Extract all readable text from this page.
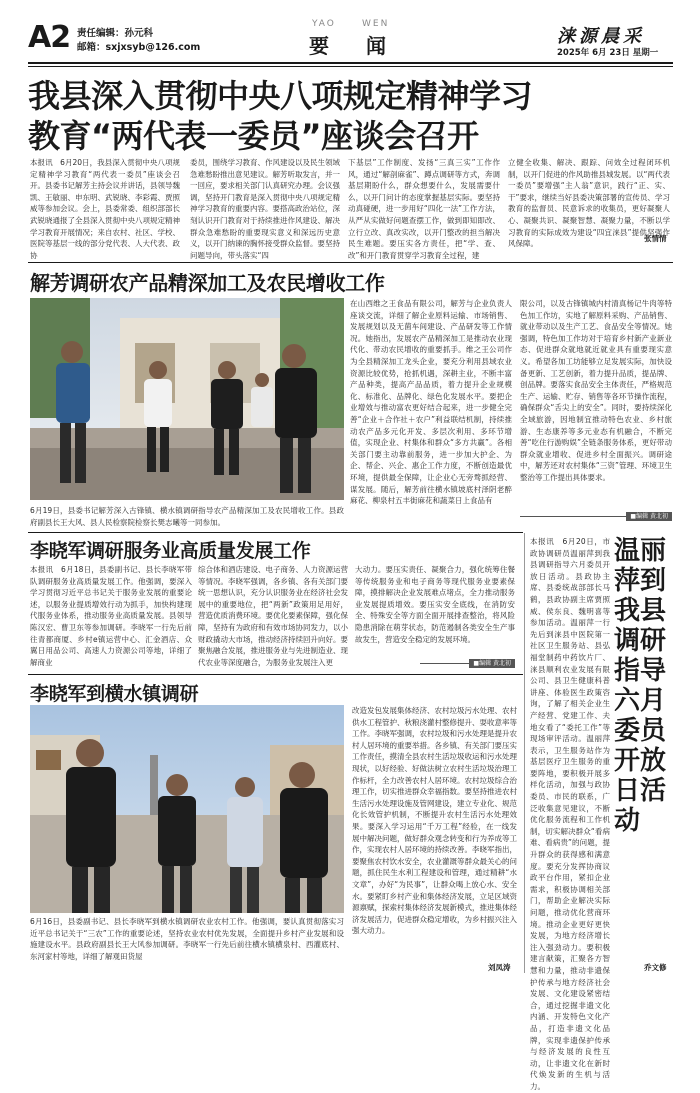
A2 责任编辑：孙元科
邮箱：sxjxsyb@126.com
YAO	WEN
要 闻	涞源晨采
2025年 6月 23日 星期一
我县深入贯彻中央八项规定精神学习
教育“两代表一委员”座谈会召开
本报讯　6月20日，我县深入贯彻中央八项规定精神学习教育“两代表一委员”座谈会召开。县委书记解芳主持会议并讲话，县领导魏凯、王敏丽、申东明、武锐晓、李彩霞、贾照威等参加会议。会上，县委常委、组织部部长武锐晓通报了全县深入贯彻中央八项规定精神学习教育开展情况；来自农村、社区、学校、医院等基层一线的部分党代表、人大代表、政协
委员，围绕学习教育、作风建设以及民生领域急难愁盼推出意见建议。解芳听取发言，并一一回应，要求相关部门认真研究办理。会议强调，坚持开门教育是深入贯彻中央八项规定精神学习教育的重要内容。要搭高政治站位，深刻认识开门教育对于持续推进作风建设、解决群众急难愁盼的重要现实意义和深远历史意义，以开门纳谏的胸怀接受群众监督。要坚持问题导向，带头落实“四
下基层”工作制度、发扬“三真三实”工作作风，通过“解剖麻雀”、蹲点调研等方式，奔调基层期盼什么，群众想要什么，发展需要什么，以开门问计的态度掌握基层实际。要坚持动真碰硬，进一步用好“四化一法”工作方法，从严从实做好问题查摆工作，做到即知即改、立行立改、真改实改，以开门整改的担当解决民生难题。要压实各方责任，把“学、查、改”和开门教育贯穿学习教育全过程，建
立健全收集、解决、跟踪、问效全过程闭环机制，以开门促进的作风助推县城发展。以“两代表一委员”要增强“主人翁”意识，践行“正、实、干”要求，继续当好县委决策部署的宣传员、学习教育的监督员、民意诉求的收集员，更好凝聚人心、凝聚共识、凝聚智慧、凝聚力量，不断以学习教育的实际成效为建设“四宜涞县”提供坚强作风保障。
张情情
解芳调研农产品精深加工及农民增收工作
6月19日，县委书记解芳深入古锋镇、横水镇调研指导农产品精深加工及农民增收工作。县政府副县长王大风、县人民检察院检察长樊志曦等一同参加。
在山西维之王食品有限公司，解芳与企业负责人座谈交流，详细了解企业原料运输、市场销售、发展规划以及无菌车间建设、产品研发等工作情况。她指出，发展农产品精深加工是推动农业现代化、带动农民增收的重要抓手。维之王公司作为全县精深加工龙头企业，要充分利用县域农业资源比较优势，抢抓机遇，深耕主业，不断丰富产品种类，提高产品品质，着力提升企业规模化、标准化、品牌化、绿色化发展水平。要把企业增效与推动富农更好结合起来，进一步健全完善“企业＋合作社＋农户”利益联结机制，持续推动农产品多元化开发、多层次利用、多环节增值，实现企业、村集体和群众“多方共赢”。各相关部门要主动靠前服务，进一步加大护企、为企、帮企、兴企、惠企工作力度，不断创造最优环境，提供最全保障，让企业心无旁骛抓经营、谋发展。随后，解芳前往横水镇坡底村泽阴老醉麻花、柳泉村五丰街麻花和蔬菜日上食品有
限公司，以及古锋镇城内村清真杨记牛肉等特色加工作坊，实地了解原料采购、产品销售、就业带动以及生产工艺、食品安全等情况。她强调，特色加工作坊对于培育乡村新产业新业态、促进群众就地就近就业具有重要现实意义。希望各加工坊能够立足发展实际，加快设备更新、工艺创新，着力提升品质，提品牌、创品牌。要落实食品安全主体责任，严格规范生产、运输、贮存、销售等各环节操作流程，确保群众“舌尖上的安全”。同时，要持续深化全域旅游，因地制宜推动特色农业、乡村旅游、生态康养等多元业态有机融合，不断完善“吃住行游购娱”全链条服务体系，更好带动群众就业增收、促进乡村全面振兴。调研途中，解芳还对农村集体“三资”管理、环境卫生整治等工作提出具体要求。
■编辑 黄北初
李晓军调研服务业高质量发展工作
本报讯　6月18日，县委副书记、县长李晓军带队调研服务业高质量发展工作。他强调，要深入学习贯彻习近平总书记关于服务业发展的重要论述，以服务业提质增效行动为抓手，加快构建现代服务业体系，推动服务业高质量发展。县领导陈汉宏、曹卫东等参加调研。李晓军一行先后前往青都商厦、乡村e镇运营中心、汇金酒店、众翼日用品公司、高速人力资源公司等地，详细了解商业
综合体和酒店建设、电子商务、人力资源运营等情况。李晓军强调，各乡镇、各有关部门要统一思想认识，充分认识服务业在经济社会发展中的重要地位，把“两新”政策用足用好，营造优质消费环境。要优化要素保障，强化保障，坚持有为政府和有效市场协同发力，以小财政撬动大市场，推动经济持续回升向好。要聚焦融合发展，推进服务业与先进制造业、现代农业等深度融合，为服务业发展注入更
大动力。要压实责任、凝聚合力，强化统筹住餐等传统服务业和电子商务等现代服务业要素保障，摸排解决企业发展难点堵点，全力推动服务业发展提质增效。要压实安全底线，在消防安全、特殊安全等方面全面开展排查整治，将风险隐患消除在萌芽状态，防范遏制各类安全生产事故发生，营造安全稳定的发展环境。
■编辑 黄北初
李晓军到横水镇调研
6月16日，县委副书记、县长李晓军到横水镇调研农业农村工作。他强调，要认真贯彻落实习近平总书记关于“三农”工作的重要论述，坚持农业农村优先发展，全面提升乡村产业发展和设施建设水平。县政府副县长王大风参加调研。李晓军一行先后前往横水镇横泉村、西灌底村、东河家村等地，详细了解观田货屋
改造发包发展集体经济、农村垃圾污水处理、农村供水工程管护、秋粮浇灌村整修提升、耍收意率等工作。李晓军强调，农村垃圾和污水处理是提升农村人居环境的重要举措。各乡镇、有关部门要压实工作责任，摸清全县农村生活垃圾收运和污水处理现状，以好经验、好做法树立农村生活垃圾治理工作标杆，全力改善农村人居环境。农村垃圾综合治理工作，切实推进群众幸福指数。要坚持推进农村生活污水处理设施及管网建设，建立专业化、规范化长效管护机制，不断提升农村生活污水处理效果。要深入学习运用“千万工程”经验，在一线发展中解决问题，做好群众观念转变和行为养成等工作，实现农村人居环境的持续改善。李晓军指出，要聚焦农村饮水安全，农业灌溉等群众最关心的问题，抓住民生水利工程建设和管理，通过精耕“水文章”，办好“为民事”，让群众喝上放心水、安全水。要紧盯乡村产业和集体经济发展，立足区域资源禀赋，探索村集体经济发展新模式，推进集体经济发展活力，促进群众稳定增收，为乡村振兴注入强大动力。
刘凤涛
本报讯　6月20日，市政协调研员温丽萍到我县调研指导六月委员开放日活动。县政协主席、县委统战部部长马鹤，县政协副主席贾照威、侯东良、魏明喜等参加活动。温丽萍一行先后到涞县中医院第一社区卫生服务站、县弘福堂制药中药饮片厂、涞县顺利农业发展有限公司、县卫生健康科普讲座、体验医生政策咨询，了解了相关企业生产经营、党建工作、夫地女看了“委托工作”等现场审评活动。温丽萍表示，卫生服务站作为基层医疗卫生服务的重要阵地，要积极开展多样化活动，加强与政协委员、市民的联系，广泛收集意见建议，不断优化服务流程和工作机制，切实解决群众“看病难、看病贵”的问题，提升群众的获得感和满意度。要充分发挥协商议政平台作用，紧扣企业需求，积极协调相关部门，帮助企业解决实际问题，推动优化营商环境。推动企业更好更快发展，为地方经济增长注入强劲动力。要积极建言献策，汇聚各方智慧和力量，推动非遗保护传承与地方经济社会发展、文化建设紧密结合，通过挖掘非遗文化内涵、开发特色文化产品，打造非遗文化品牌，实现非遗保护传承与经济发展的良性互动，让非遗文化在新时代焕发新的生机与活力。
温丽萍到我县调研指导六月委员开放日活动
乔文修
